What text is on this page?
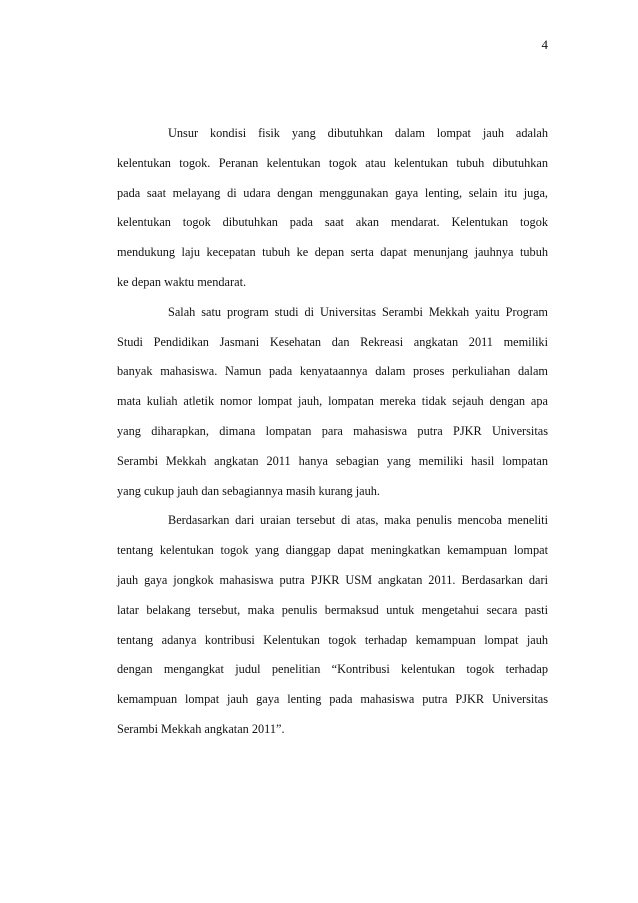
4
Unsur kondisi fisik yang dibutuhkan dalam lompat jauh adalah
kelentukan togok. Peranan kelentukan togok atau kelentukan tubuh dibutuhkan
pada saat melayang di udara dengan menggunakan gaya lenting, selain itu juga,
kelentukan togok dibutuhkan pada saat akan mendarat. Kelentukan togok
mendukung laju kecepatan tubuh ke depan serta dapat menunjang jauhnya tubuh
ke depan waktu mendarat.
Salah satu program studi di Universitas Serambi Mekkah yaitu Program
Studi Pendidikan Jasmani Kesehatan dan Rekreasi angkatan 2011 memiliki
banyak mahasiswa. Namun pada kenyataannya dalam proses perkuliahan dalam
mata kuliah atletik nomor lompat jauh, lompatan mereka tidak sejauh dengan apa
yang diharapkan, dimana lompatan para mahasiswa putra PJKR Universitas
Serambi Mekkah angkatan 2011 hanya sebagian yang memiliki hasil lompatan
yang cukup jauh dan sebagiannya masih kurang jauh.
Berdasarkan dari uraian tersebut di atas, maka penulis mencoba meneliti
tentang kelentukan togok yang dianggap dapat meningkatkan kemampuan lompat
jauh gaya jongkok mahasiswa putra PJKR USM angkatan 2011. Berdasarkan dari
latar belakang tersebut, maka penulis bermaksud untuk mengetahui secara pasti
tentang adanya kontribusi Kelentukan togok terhadap kemampuan lompat jauh
dengan mengangkat judul penelitian “Kontribusi kelentukan togok terhadap
kemampuan lompat jauh gaya lenting pada mahasiswa putra PJKR Universitas
Serambi Mekkah angkatan 2011”.
